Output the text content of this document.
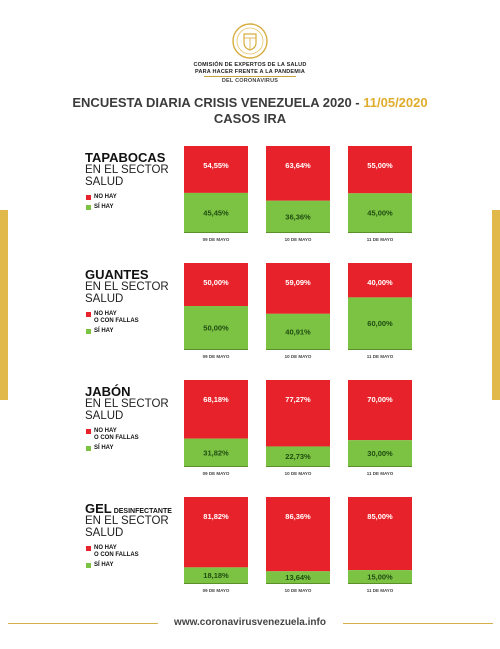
COMISIÓN DE EXPERTOS DE LA SALUD
PARA HACER FRENTE A LA PANDEMIA
DEL CORONAVIRUS
ENCUESTA DIARIA CRISIS VENEZUELA 2020 - 11/05/2020
CASOS IRA
TAPABOCAS
EN EL SECTOR SALUD
NO HAY
SÍ HAY
54,55%
45,45%
09 DE MAYO
63,64%
36,36%
10 DE MAYO
55,00%
45,00%
11 DE MAYO
GUANTES
EN EL SECTOR SALUD
NO HAY
O CON FALLAS
SÍ HAY
50,00%
50,00%
09 DE MAYO
59,09%
40,91%
10 DE MAYO
40,00%
60,00%
11 DE MAYO
JABÓN
EN EL SECTOR SALUD
NO HAY
O CON FALLAS
SÍ HAY
68,18%
31,82%
09 DE MAYO
77,27%
22,73%
10 DE MAYO
70,00%
30,00%
11 DE MAYO
GEL DESINFECTANTE
EN EL SECTOR SALUD
NO HAY
O CON FALLAS
SÍ HAY
81,82%
18,18%
09 DE MAYO
86,36%
13,64%
10 DE MAYO
85,00%
15,00%
11 DE MAYO
www.coronavirusvenezuela.info
